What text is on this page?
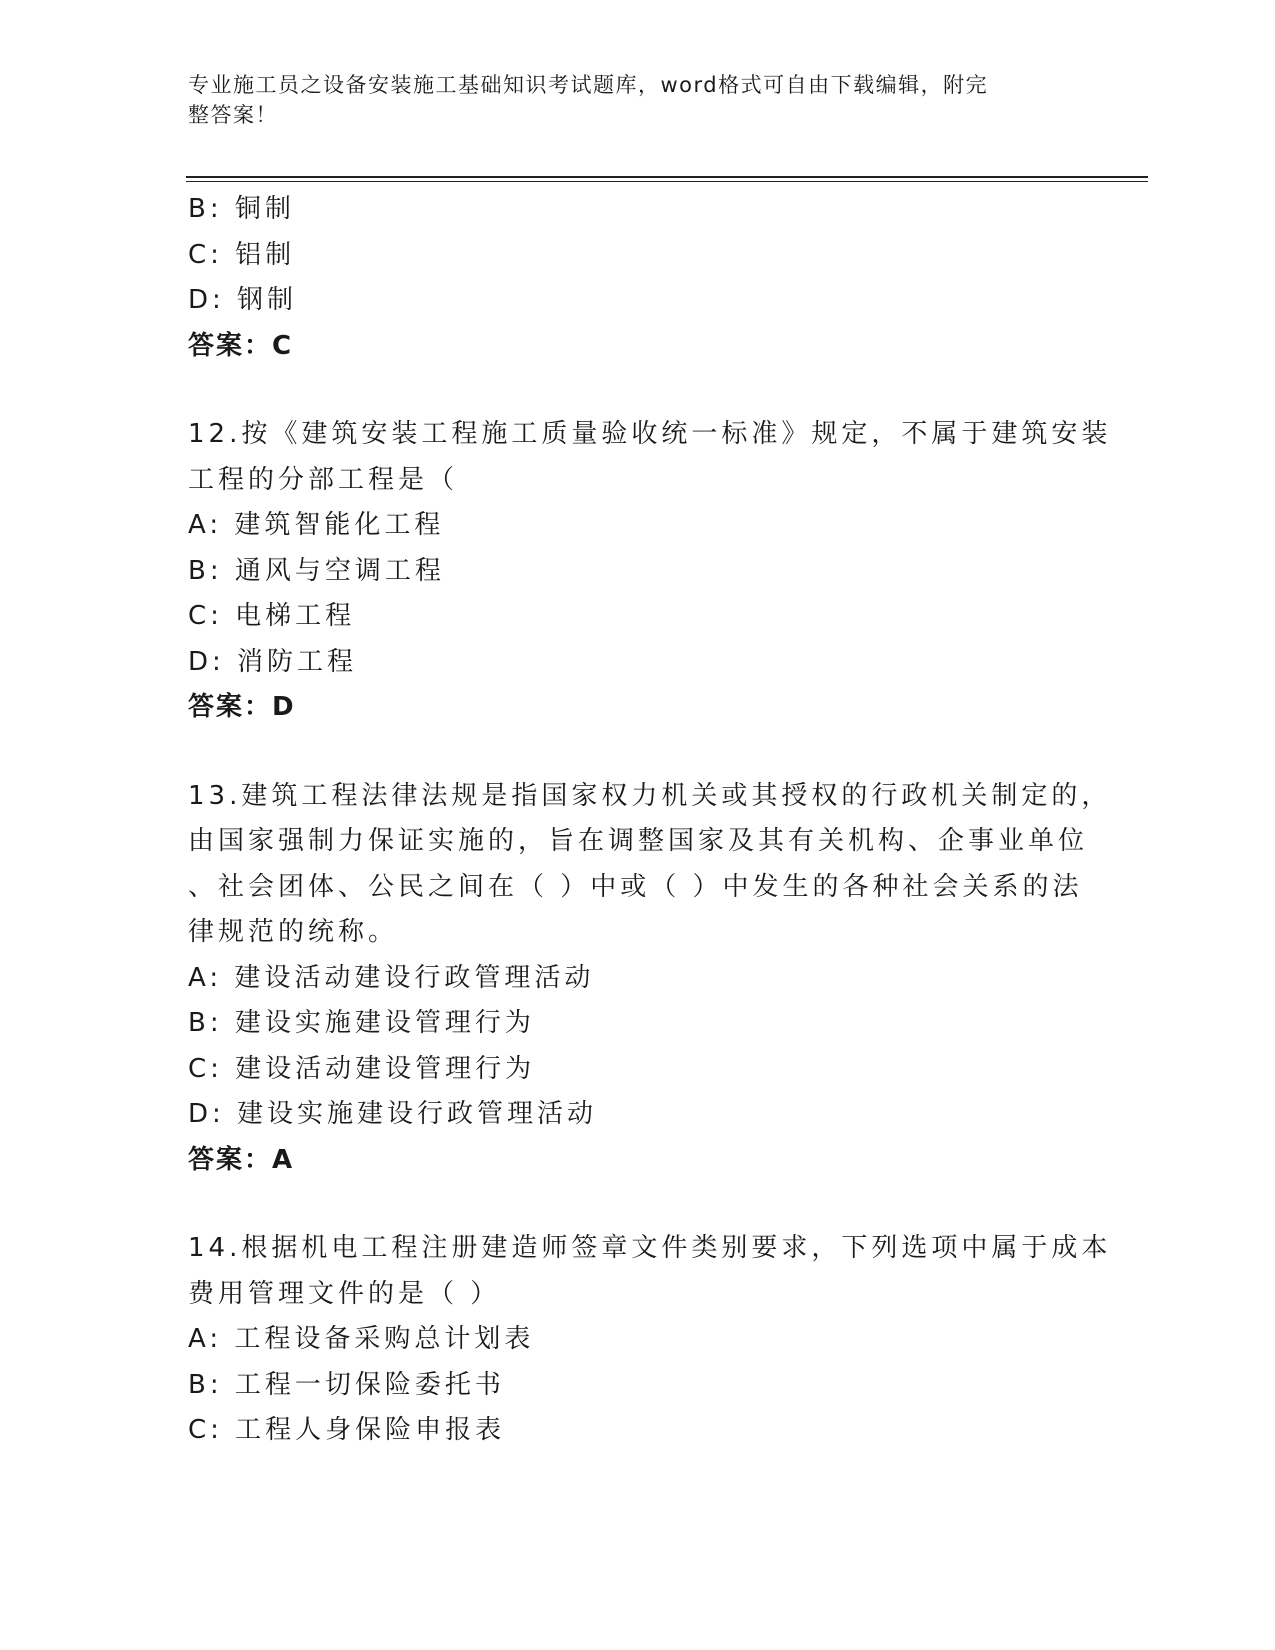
专业施工员之设备安装施工基础知识考试题库，word格式可自由下载编辑，附完
整答案！
B: 铜制
C: 铝制
D: 钢制
答案：C
12.按《建筑安装工程施工质量验收统一标准》规定，不属于建筑安装
工程的分部工程是（
A: 建筑智能化工程
B: 通风与空调工程
C: 电梯工程
D: 消防工程
答案：D
13.建筑工程法律法规是指国家权力机关或其授权的行政机关制定的，
由国家强制力保证实施的，旨在调整国家及其有关机构、企事业单位
、社会团体、公民之间在（ ）中或（ ）中发生的各种社会关系的法
律规范的统称。
A: 建设活动建设行政管理活动
B: 建设实施建设管理行为
C: 建设活动建设管理行为
D: 建设实施建设行政管理活动
答案：A
14.根据机电工程注册建造师签章文件类别要求，下列选项中属于成本
费用管理文件的是（ ）
A: 工程设备采购总计划表
B: 工程一切保险委托书
C: 工程人身保险申报表
